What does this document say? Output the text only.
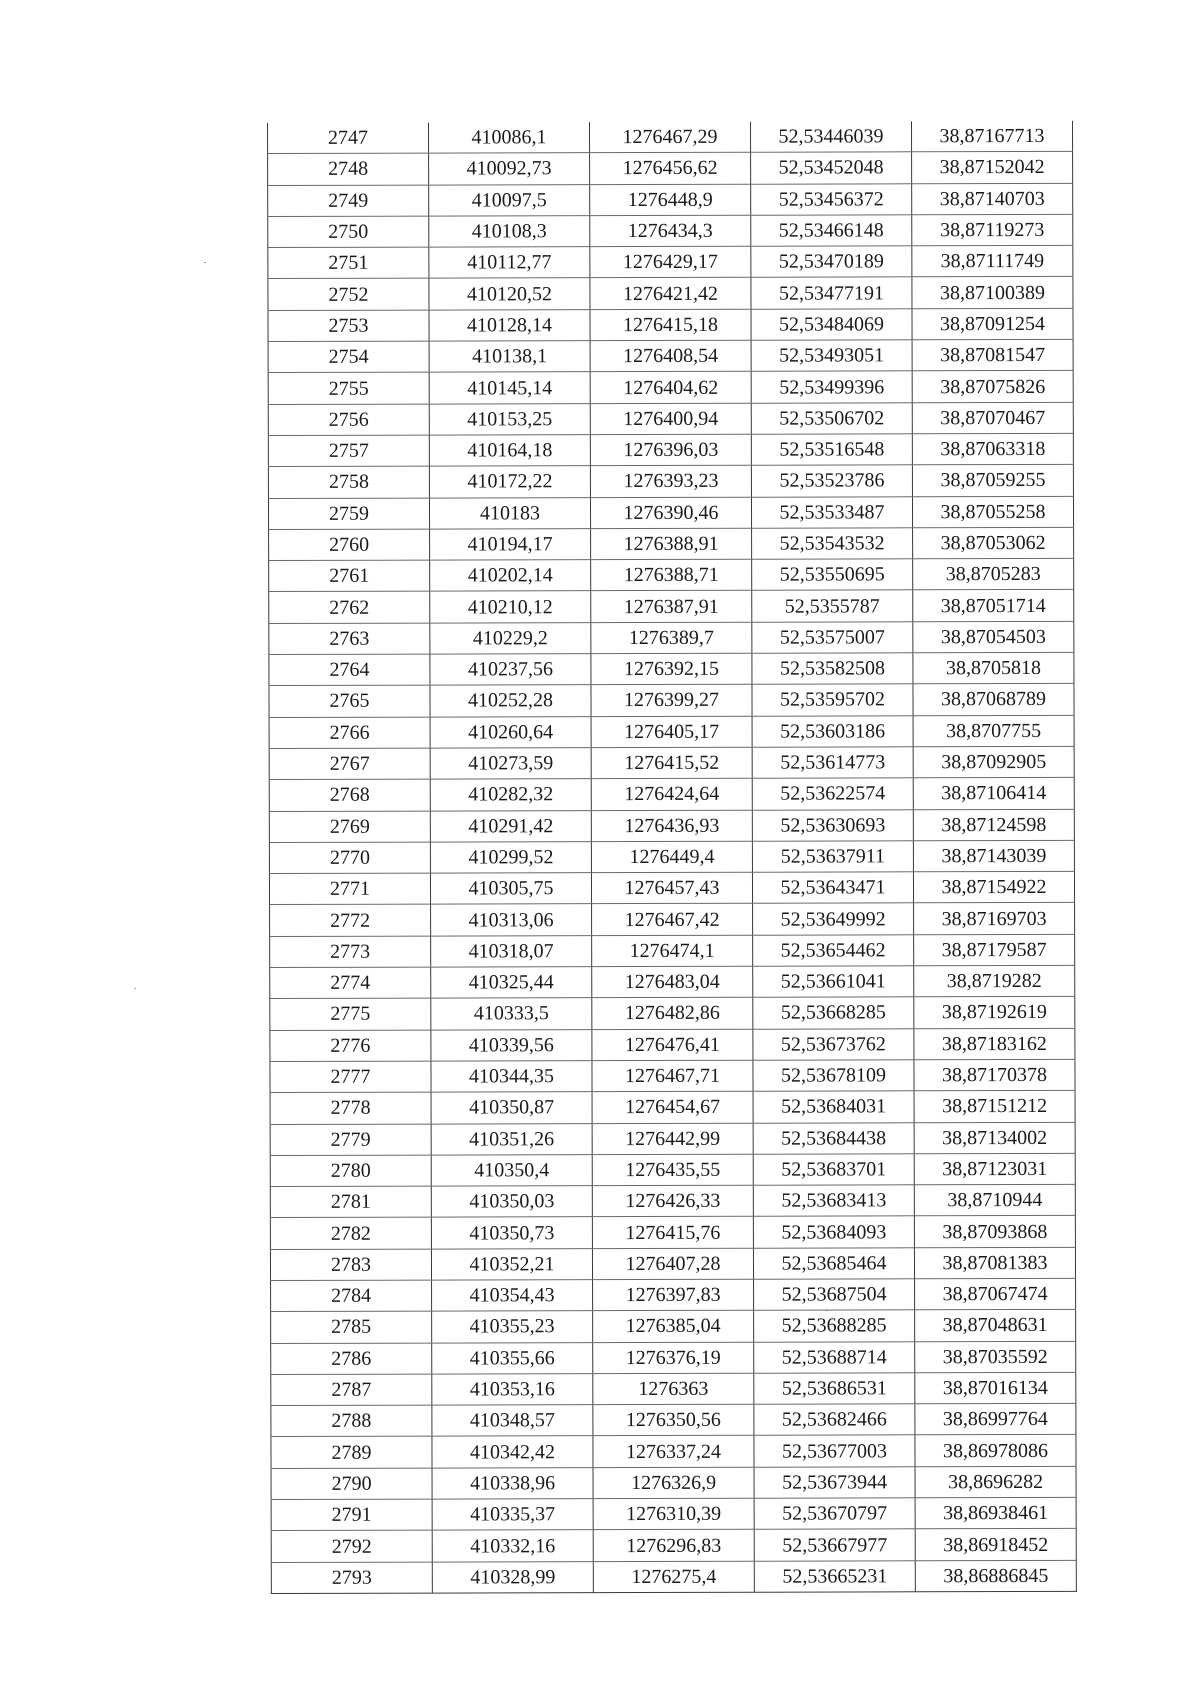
2747	410086,1	1276467,29	52,53446039	38,87167713
2748	410092,73	1276456,62	52,53452048	38,87152042
2749	410097,5	1276448,9	52,53456372	38,87140703
2750	410108,3	1276434,3	52,53466148	38,87119273
2751	410112,77	1276429,17	52,53470189	38,87111749
2752	410120,52	1276421,42	52,53477191	38,87100389
2753	410128,14	1276415,18	52,53484069	38,87091254
2754	410138,1	1276408,54	52,53493051	38,87081547
2755	410145,14	1276404,62	52,53499396	38,87075826
2756	410153,25	1276400,94	52,53506702	38,87070467
2757	410164,18	1276396,03	52,53516548	38,87063318
2758	410172,22	1276393,23	52,53523786	38,87059255
2759	410183	1276390,46	52,53533487	38,87055258
2760	410194,17	1276388,91	52,53543532	38,87053062
2761	410202,14	1276388,71	52,53550695	38,8705283
2762	410210,12	1276387,91	52,5355787	38,87051714
2763	410229,2	1276389,7	52,53575007	38,87054503
2764	410237,56	1276392,15	52,53582508	38,8705818
2765	410252,28	1276399,27	52,53595702	38,87068789
2766	410260,64	1276405,17	52,53603186	38,8707755
2767	410273,59	1276415,52	52,53614773	38,87092905
2768	410282,32	1276424,64	52,53622574	38,87106414
2769	410291,42	1276436,93	52,53630693	38,87124598
2770	410299,52	1276449,4	52,53637911	38,87143039
2771	410305,75	1276457,43	52,53643471	38,87154922
2772	410313,06	1276467,42	52,53649992	38,87169703
2773	410318,07	1276474,1	52,53654462	38,87179587
2774	410325,44	1276483,04	52,53661041	38,8719282
2775	410333,5	1276482,86	52,53668285	38,87192619
2776	410339,56	1276476,41	52,53673762	38,87183162
2777	410344,35	1276467,71	52,53678109	38,87170378
2778	410350,87	1276454,67	52,53684031	38,87151212
2779	410351,26	1276442,99	52,53684438	38,87134002
2780	410350,4	1276435,55	52,53683701	38,87123031
2781	410350,03	1276426,33	52,53683413	38,8710944
2782	410350,73	1276415,76	52,53684093	38,87093868
2783	410352,21	1276407,28	52,53685464	38,87081383
2784	410354,43	1276397,83	52,53687504	38,87067474
2785	410355,23	1276385,04	52,53688285	38,87048631
2786	410355,66	1276376,19	52,53688714	38,87035592
2787	410353,16	1276363	52,53686531	38,87016134
2788	410348,57	1276350,56	52,53682466	38,86997764
2789	410342,42	1276337,24	52,53677003	38,86978086
2790	410338,96	1276326,9	52,53673944	38,8696282
2791	410335,37	1276310,39	52,53670797	38,86938461
2792	410332,16	1276296,83	52,53667977	38,86918452
2793	410328,99	1276275,4	52,53665231	38,86886845
